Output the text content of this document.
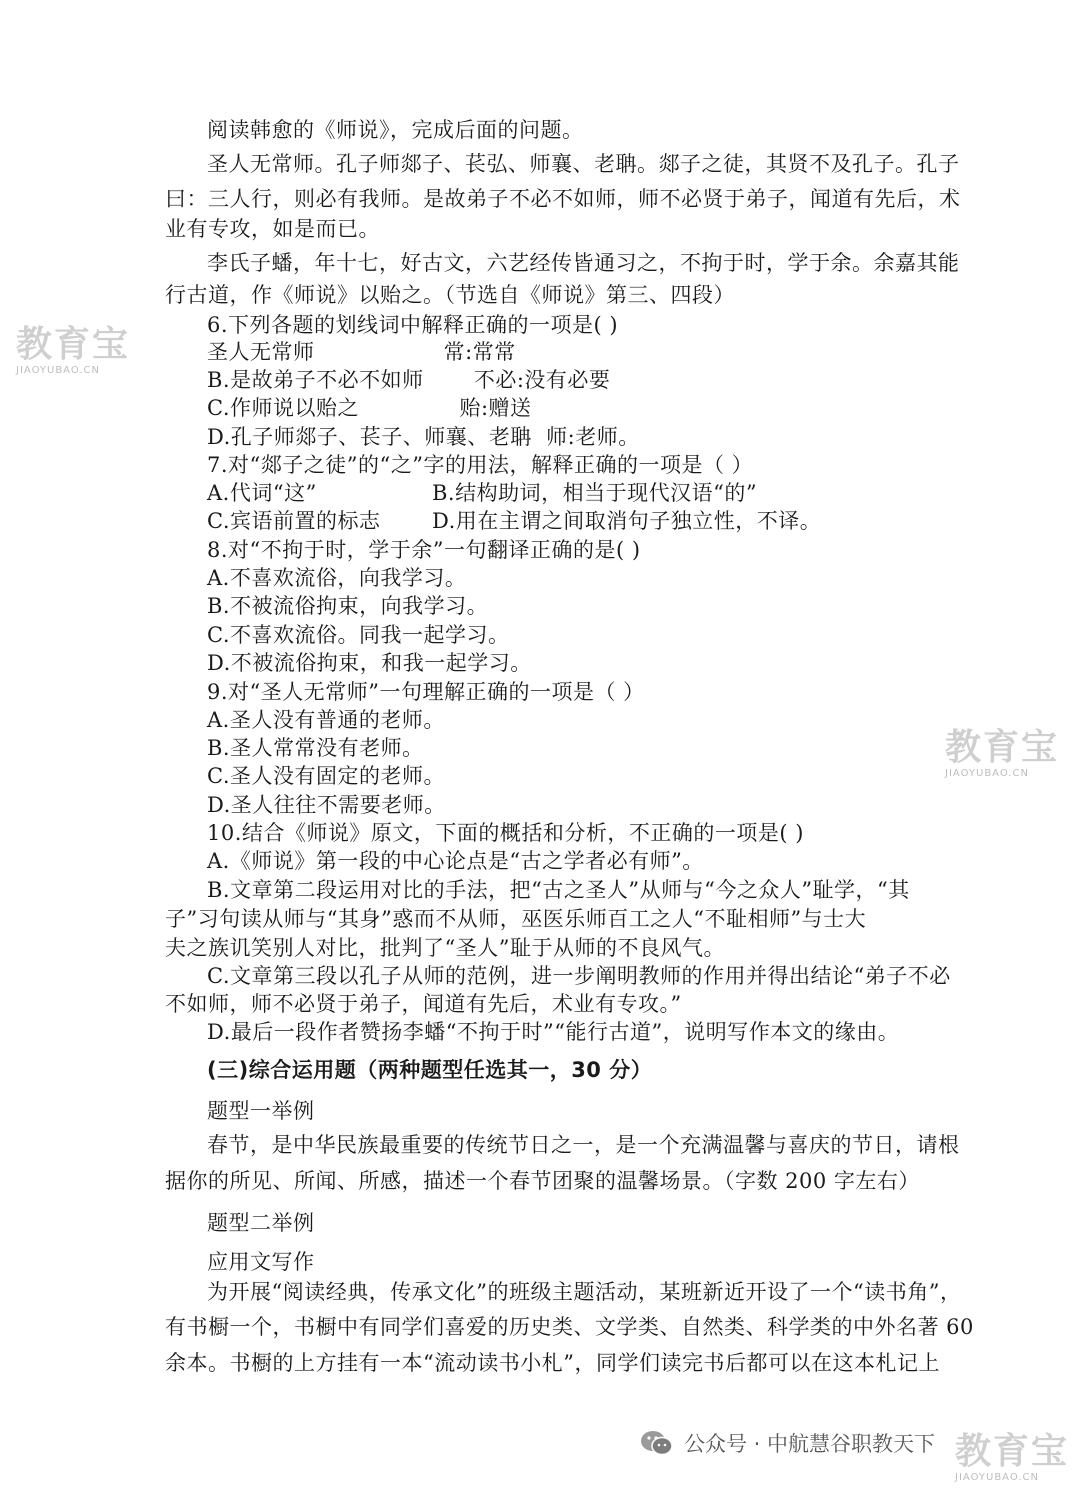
阅读韩愈的《师说》，完成后面的问题。
圣人无常师。孔子师郯子、苌弘、师襄、老聃。郯子之徒，其贤不及孔子。孔子
曰：三人行，则必有我师。是故弟子不必不如师，师不必贤于弟子，闻道有先后，术
业有专攻，如是而已。
李氏子蟠，年十七，好古文，六艺经传皆通习之，不拘于时，学于余。余嘉其能
行古道，作《师说》以贻之。（节选自《师说》第三、四段）
6.下列各题的划线词中解释正确的一项是( )
圣人无常师                  常:常常
B.是故弟子不必不如师       不必:没有必要
C.作师说以贻之              贻:赠送
D.孔子师郯子、苌子、师襄、老聃  师:老师。
7.对“郯子之徒”的“之”字的用法，解释正确的一项是（ ）
A.代词“这”	B.结构助词，相当于现代汉语“的”
C.宾语前置的标志 D.用在主谓之间取消句子独立性，不译。
8.对“不拘于时，学于余”一句翻译正确的是( )
A.不喜欢流俗，向我学习。
B.不被流俗拘束，向我学习。
C.不喜欢流俗。同我一起学习。
D.不被流俗拘束，和我一起学习。
9.对“圣人无常师”一句理解正确的一项是（ ）
A.圣人没有普通的老师。
B.圣人常常没有老师。
C.圣人没有固定的老师。
D.圣人往往不需要老师。
10.结合《师说》原文，下面的概括和分析，不正确的一项是( )
A.《师说》第一段的中心论点是“古之学者必有师”。
B.文章第二段运用对比的手法，把“古之圣人”从师与“今之众人”耻学，“其
子”习句读从师与“其身”惑而不从师，巫医乐师百工之人“不耻相师”与士大
夫之族讥笑别人对比，批判了“圣人”耻于从师的不良风气。
C.文章第三段以孔子从师的范例，进一步阐明教师的作用并得出结论“弟子不必
不如师，师不必贤于弟子，闻道有先后，术业有专攻。”
D.最后一段作者赞扬李蟠“不拘于时”“能行古道”，说明写作本文的缘由。
(三)综合运用题（两种题型任选其一，30 分）
题型一举例
春节，是中华民族最重要的传统节日之一，是一个充满温馨与喜庆的节日，请根
据你的所见、所闻、所感，描述一个春节团聚的温馨场景。（字数 200 字左右）
题型二举例
应用文写作
为开展“阅读经典，传承文化”的班级主题活动，某班新近开设了一个“读书角”，
有书橱一个，书橱中有同学们喜爱的历史类、文学类、自然类、科学类的中外名著 60
余本。书橱的上方挂有一本“流动读书小札”，同学们读完书后都可以在这本札记上
教育宝
JIAOYUBAO.CN
教育宝
JIAOYUBAO.CN
公众号 · 中航慧谷职教天下 教育宝
JIAOYUBAO.CN
